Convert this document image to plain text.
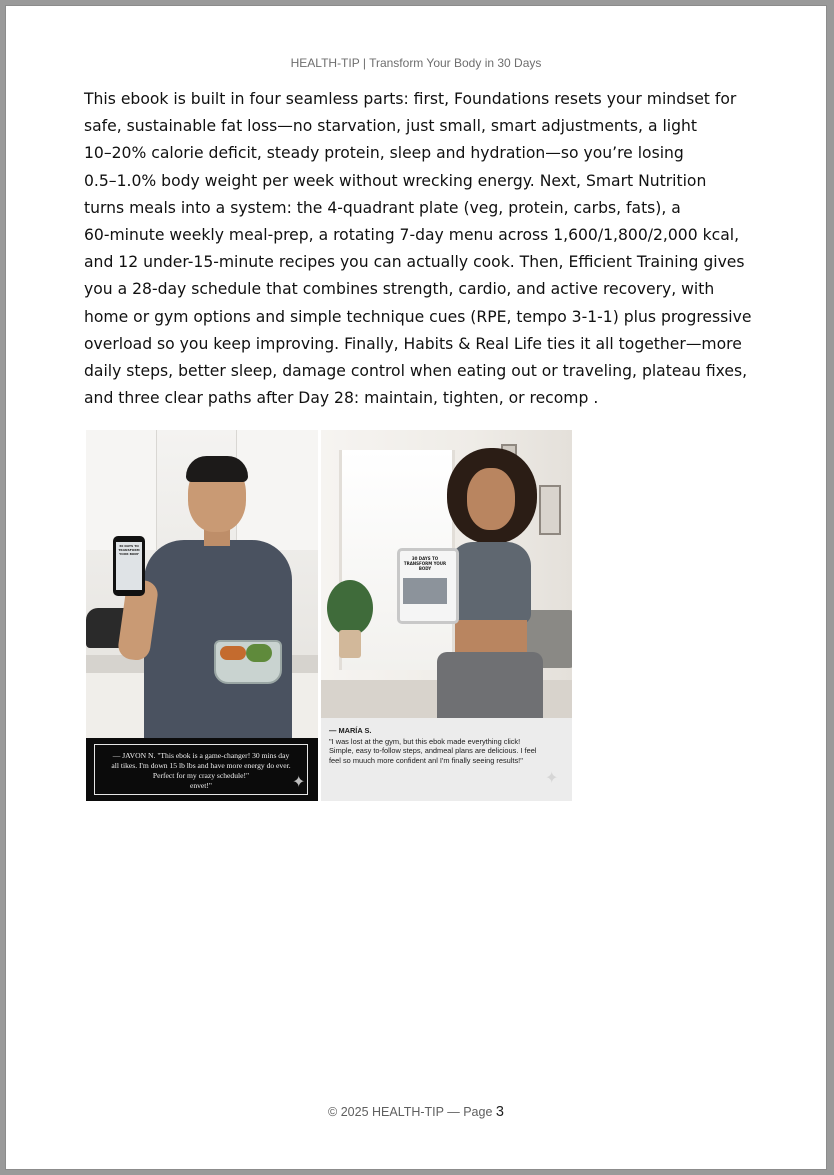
HEALTH-TIP | Transform Your Body in 30 Days
This ebook is built in four seamless parts: first, Foundations resets your mindset for
safe, sustainable fat loss—no starvation, just small, smart adjustments, a light
10–20% calorie deficit, steady protein, sleep and hydration—so you’re losing
0.5–1.0% body weight per week without wrecking energy. Next, Smart Nutrition
turns meals into a system: the 4-quadrant plate (veg, protein, carbs, fats), a
60-minute weekly meal-prep, a rotating 7-day menu across 1,600/1,800/2,000 kcal,
and 12 under-15-minute recipes you can actually cook. Then, Efficient Training gives
you a 28-day schedule that combines strength, cardio, and active recovery, with
home or gym options and simple technique cues (RPE, tempo 3-1-1) plus progressive
overload so you keep improving. Finally, Habits & Real Life ties it all together—more
daily steps, better sleep, damage control when eating out or traveling, plateau fixes,
and three clear paths after Day 28: maintain, tighten, or recomp .
30 DAYS TO TRANSFORM YOUR BODY
— JAVON N. "This ebok is a game-changer! 30 mins day
all tikes. I'm down 15 lb lbs and have more energy do ever.
Perfect for my crazy schedule!"
envet!"	✦
30 DAYS TO TRANSFORM YOUR BODY
— MARÍA S.
"I was lost at the gym, but this ebok made everything click!
Simple, easy to-follow steps, andmeal plans are delicious. I feel
feel so muuch more confident anl I'm finally seeing results!"
✦
© 2025 HEALTH-TIP — Page 3
